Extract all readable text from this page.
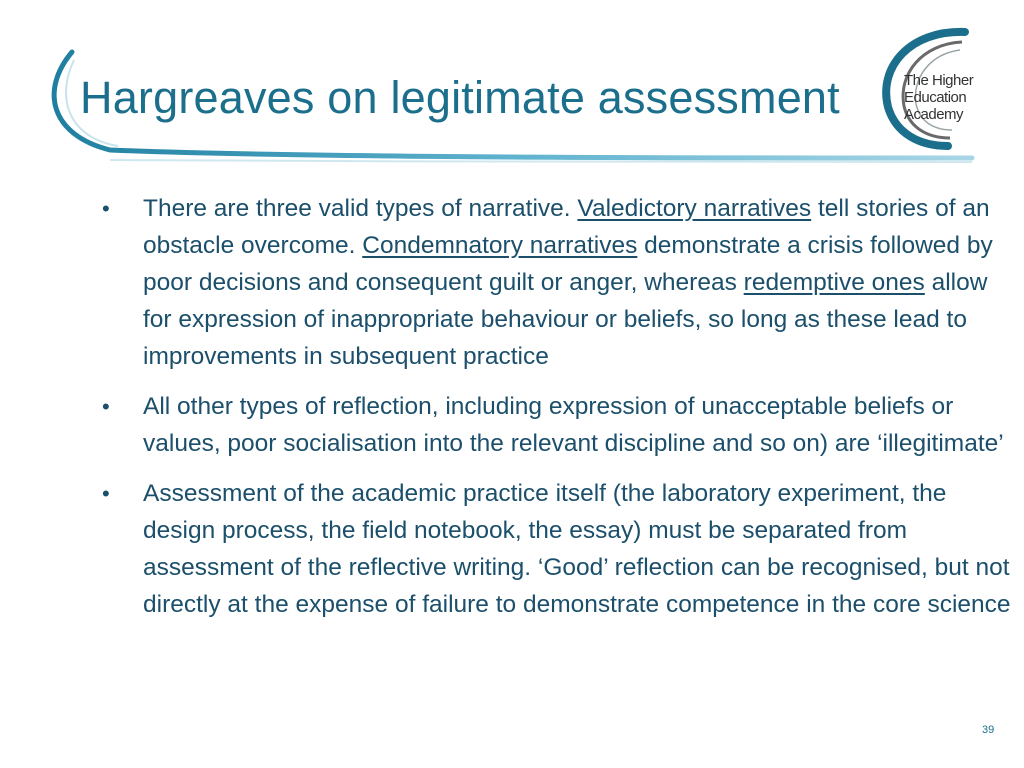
Hargreaves on legitimate assessment	The Higher
Education
Academy

• There are three valid types of narrative. Valedictory narratives tell stories of an obstacle overcome. Condemnatory narratives demonstrate a crisis followed by poor decisions and consequent guilt or anger, whereas redemptive ones allow for expression of inappropriate behaviour or beliefs, so long as these lead to improvements in subsequent practice

• All other types of reflection, including expression of unacceptable beliefs or values, poor socialisation into the relevant discipline and so on) are ‘illegitimate’

• Assessment of the academic practice itself (the laboratory experiment, the design process, the field notebook, the essay) must be separated from assessment of the reflective writing. ‘Good’ reflection can be recognised, but not directly at the expense of failure to demonstrate competence in the core science

39
